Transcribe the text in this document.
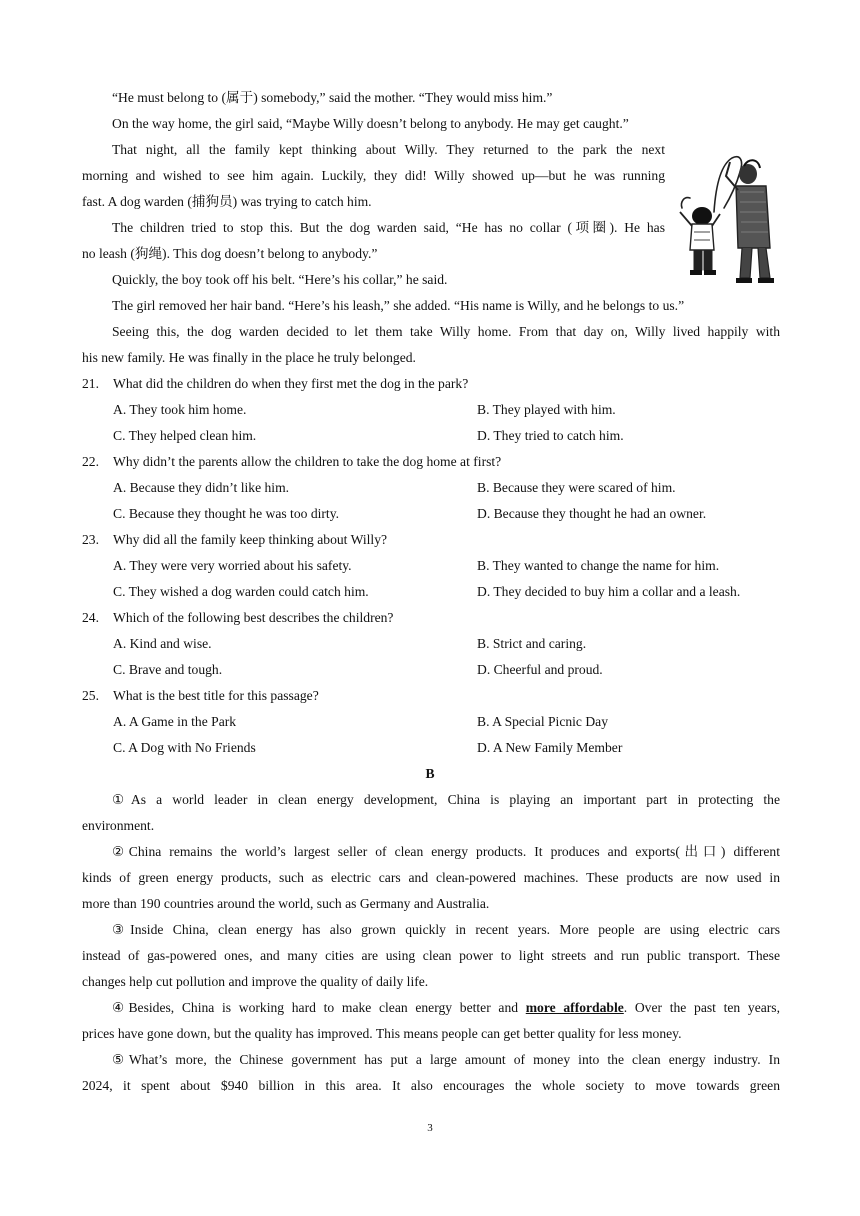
“He must belong to (属于) somebody,” said the mother. “They would miss him.”
On the way home, the girl said, “Maybe Willy doesn’t belong to anybody. He may get caught.”
That night, all the family kept thinking about Willy. They returned to the park the next
morning and wished to see him again. Luckily, they did! Willy showed up—but he was running
fast. A dog warden (捕狗员) was trying to catch him.
The children tried to stop this. But the dog warden said, “He has no collar (项圈). He has
no leash (狗绳). This dog doesn’t belong to anybody.”
Quickly, the boy took off his belt. “Here’s his collar,” he said.
The girl removed her hair band. “Here’s his leash,” she added. “His name is Willy, and he belongs to us.”
Seeing this, the dog warden decided to let them take Willy home. From that day on, Willy lived happily with
his new family. He was finally in the place he truly belonged.
21. What did the children do when they first met the dog in the park?
A. They took him home.	B. They played with him.
C. They helped clean him.	D. They tried to catch him.
22. Why didn’t the parents allow the children to take the dog home at first?
A. Because they didn’t like him.	B. Because they were scared of him.
C. Because they thought he was too dirty.	D. Because they thought he had an owner.
23. Why did all the family keep thinking about Willy?
A. They were very worried about his safety.	B. They wanted to change the name for him.
C. They wished a dog warden could catch him.	D. They decided to buy him a collar and a leash.
24. Which of the following best describes the children?
A. Kind and wise.	B. Strict and caring.
C. Brave and tough.	D. Cheerful and proud.
25. What is the best title for this passage?
A. A Game in the Park	B. A Special Picnic Day
C. A Dog with No Friends	D. A New Family Member
B
①As a world leader in clean energy development, China is playing an important part in protecting the
environment.
②China remains the world’s largest seller of clean energy products. It produces and exports(出口) different
kinds of green energy products, such as electric cars and clean-powered machines. These products are now used in
more than 190 countries around the world, such as Germany and Australia.
③Inside China, clean energy has also grown quickly in recent years. More people are using electric cars
instead of gas-powered ones, and many cities are using clean power to light streets and run public transport. These
changes help cut pollution and improve the quality of daily life.
④Besides, China is working hard to make clean energy better and more affordable. Over the past ten years,
prices have gone down, but the quality has improved. This means people can get better quality for less money.
⑤What’s more, the Chinese government has put a large amount of money into the clean energy industry. In
2024, it spent about $940 billion in this area. It also encourages the whole society to move towards green
3
